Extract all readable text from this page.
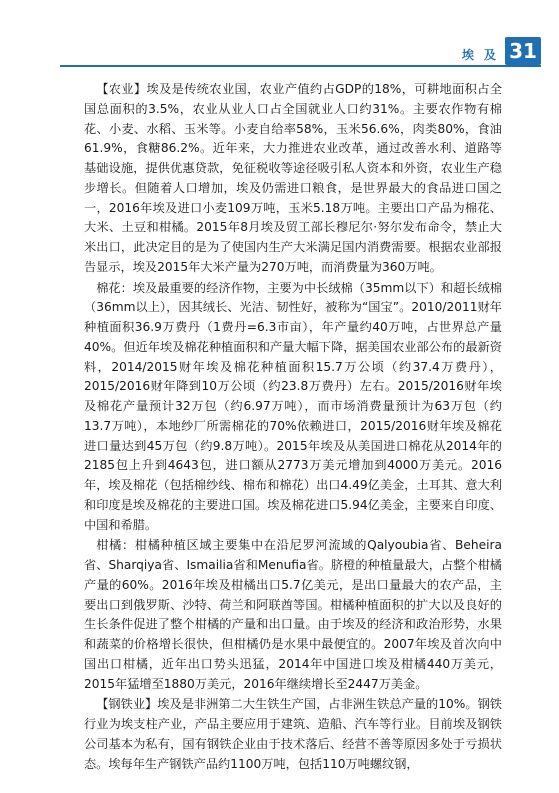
埃 及 31

【农业】埃及是传统农业国，农业产值约占GDP的18%，可耕地面积占全国总面积的3.5%，农业从业人口占全国就业人口约31%。主要农作物有棉花、小麦、水稻、玉米等。小麦自给率58%，玉米56.6%，肉类80%，食油61.9%，食糖86.2%。近年来，大力推进农业改革，通过改善水利、道路等基础设施，提供优惠贷款，免征税收等途径吸引私人资本和外资，农业生产稳步增长。但随着人口增加，埃及仍需进口粮食，是世界最大的食品进口国之一，2016年埃及进口小麦109万吨，玉米5.18万吨。主要出口产品为棉花、大米、土豆和柑橘。2015年8月埃及贸工部长穆尼尔·努尔发布命令，禁止大米出口，此决定目的是为了使国内生产大米满足国内消费需要。根据农业部报告显示，埃及2015年大米产量为270万吨，而消费量为360万吨。

棉花：埃及最重要的经济作物，主要为中长绒棉（35mm以下）和超长绒棉（36mm以上），因其绒长、光洁、韧性好，被称为“国宝”。2010/2011财年种植面积36.9万费丹（1费丹=6.3市亩），年产量约40万吨，占世界总产量40%。但近年埃及棉花种植面积和产量大幅下降，据美国农业部公布的最新资料，2014/2015财年埃及棉花种植面积15.7万公顷（约37.4万费丹），2015/2016财年降到10万公顷（约23.8万费丹）左右。2015/2016财年埃及棉花产量预计32万包（约6.97万吨），而市场消费量预计为63万包（约13.7万吨），本地纱厂所需棉花的70%依赖进口，2015/2016财年埃及棉花进口量达到45万包（约9.8万吨）。2015年埃及从美国进口棉花从2014年的2185包上升到4643包，进口额从2773万美元增加到4000万美元。2016年，埃及棉花（包括棉纱线、棉布和棉花）出口4.49亿美金，土耳其、意大利和印度是埃及棉花的主要进口国。埃及棉花进口5.94亿美金，主要来自印度、中国和希腊。

柑橘：柑橘种植区域主要集中在沿尼罗河流域的Qalyoubia省、Beheira省、Sharqiya省、Ismailia省和Menufia省。脐橙的种植量最大，占整个柑橘产量的60%。2016年埃及柑橘出口5.7亿美元，是出口量最大的农产品，主要出口到俄罗斯、沙特、荷兰和阿联酋等国。柑橘种植面积的扩大以及良好的生长条件促进了整个柑橘的产量和出口量。由于埃及的经济和政治形势，水果和蔬菜的价格增长很快，但柑橘仍是水果中最便宜的。2007年埃及首次向中国出口柑橘，近年出口势头迅猛，2014年中国进口埃及柑橘440万美元，2015年猛增至1880万美元，2016年继续增长至2447万美金。

【钢铁业】埃及是非洲第二大生铁生产国，占非洲生铁总产量的10%。钢铁行业为埃支柱产业，产品主要应用于建筑、造船、汽车等行业。目前埃及钢铁公司基本为私有，国有钢铁企业由于技术落后、经营不善等原因多处于亏损状态。埃每年生产钢铁产品约1100万吨，包括110万吨螺纹钢，
